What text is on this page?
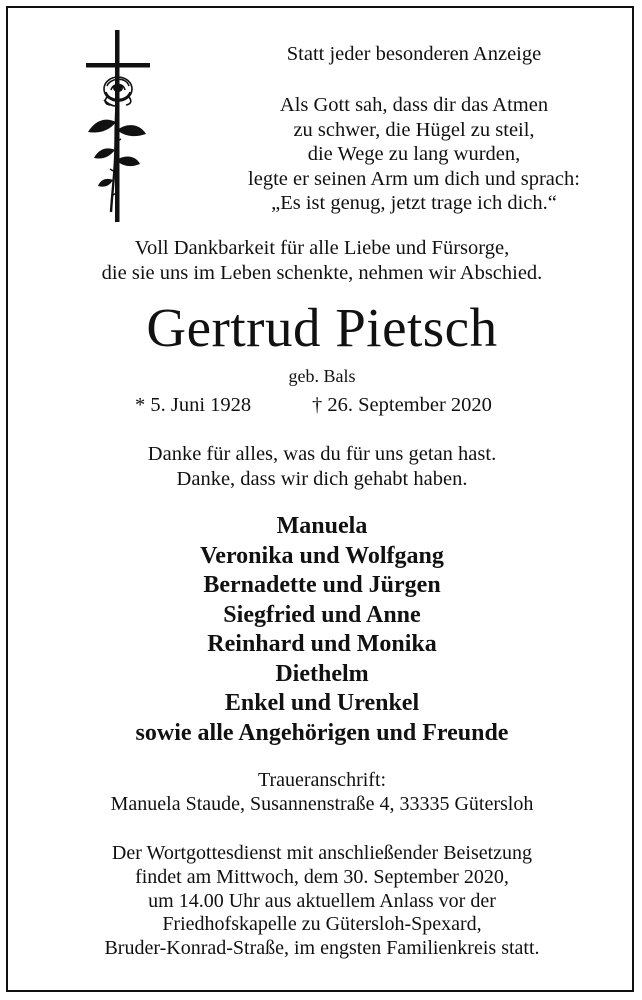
Statt jeder besonderen Anzeige
Als Gott sah, dass dir das Atmen
zu schwer, die Hügel zu steil,
die Wege zu lang wurden,
legte er seinen Arm um dich und sprach:
„Es ist genug, jetzt trage ich dich.“
Voll Dankbarkeit für alle Liebe und Fürsorge,
die sie uns im Leben schenkte, nehmen wir Abschied.
Gertrud Pietsch
geb. Bals
* 5. Juni 1928	† 26. September 2020
Danke für alles, was du für uns getan hast.
Danke, dass wir dich gehabt haben.
Manuela
Veronika und Wolfgang
Bernadette und Jürgen
Siegfried und Anne
Reinhard und Monika
Diethelm
Enkel und Urenkel
sowie alle Angehörigen und Freunde
Traueranschrift:
Manuela Staude, Susannenstraße 4, 33335 Gütersloh
Der Wortgottesdienst mit anschließender Beisetzung
findet am Mittwoch, dem 30. September 2020,
um 14.00 Uhr aus aktuellem Anlass vor der
Friedhofskapelle zu Gütersloh-Spexard,
Bruder-Konrad-Straße, im engsten Familienkreis statt.
